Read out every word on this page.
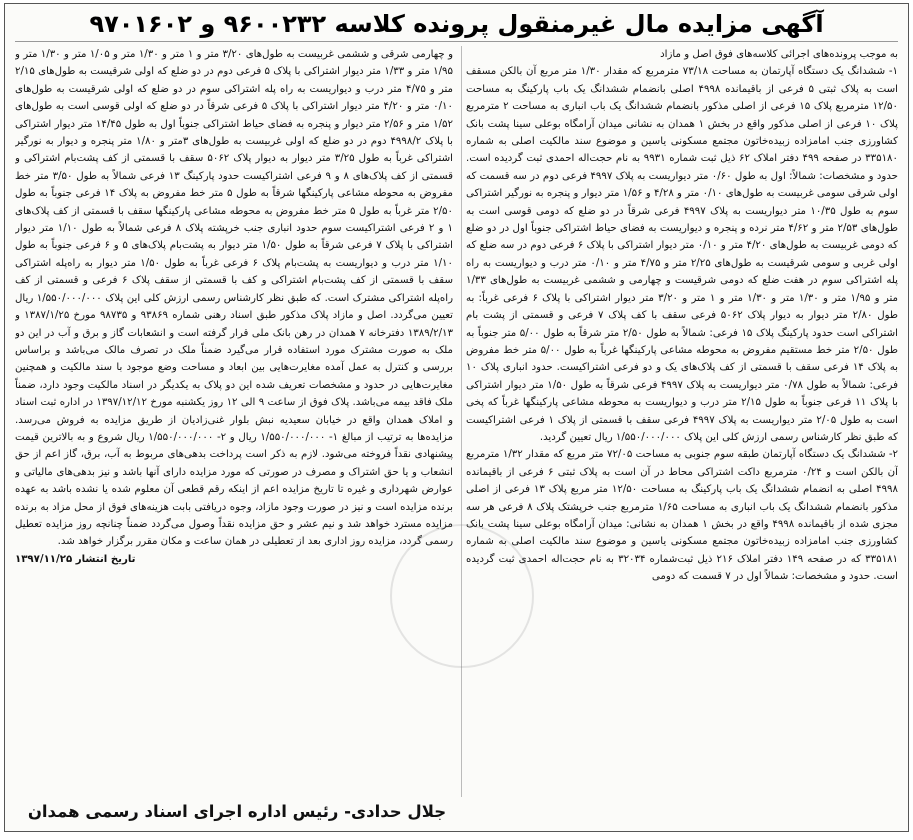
آگهی مزایده مال غیرمنقول پرونده کلاسه ۹۶۰۰۲۳۲ و ۹۷۰۱۶۰۲

به موجب پرونده‌های اجرائی کلاسه‌های فوق اصل و مازاد

۱- ششدانگ یک دستگاه آپارتمان به مساحت ۷۳/۱۸ مترمربع که مقدار ۱/۳۰ متر مربع آن بالکن مسقف است به پلاک ثبتی ۵ فرعی از باقیمانده ۴۹۹۸ اصلی بانضمام ششدانگ یک باب پارکینگ به مساحت ۱۲/۵۰ مترمربع پلاک ۱۵ فرعی از اصلی مذکور بانضمام ششدانگ یک باب انباری به مساحت ۲ مترمربع پلاک ۱۰ فرعی از اصلی مذکور واقع در بخش ۱ همدان به نشانی میدان آرامگاه بوعلی سینا پشت بانک کشاورزی جنب امامزاده زبیده‌خاتون مجتمع مسکونی یاسین و موضوع سند مالکیت اصلی به شماره ۳۳۵۱۸۰ در صفحه ۴۹۹ دفتر املاک ۶۲ ذیل ثبت شماره ۹۹۳۱ به نام حجت‌اله احمدی ثبت گردیده است. حدود و مشخصات: شمالاً: اول به طول ۰/۶۰ متر دیواریست به پلاک ۴۹۹۷ فرعی دوم در سه قسمت که اولی شرقی سومی غربیست به طول‌های ۰/۱۰ متر و ۴/۲۸ و ۱/۵۶ متر دیوار و پنجره به نورگیر اشتراکی سوم به طول ۱۰/۳۵ متر دیواریست به پلاک ۴۹۹۷ فرعی شرقاً در دو ضلع که دومی قوسی است به طول‌های ۲/۵۳ متر و ۴/۶۲ متر نرده و پنجره و دیواریست به فضای حیاط اشتراکی جنوباً اول در دو ضلع که دومی غربیست به طول‌های ۴/۲۰ متر و ۰/۱۰ متر دیوار اشتراکی با پلاک ۶ فرعی دوم در سه ضلع که اولی غربی و سومی شرقیست به طول‌های ۲/۲۵ متر و ۴/۷۵ متر و ۰/۱۰ متر درب و دیواریست به راه پله اشتراکی سوم در هفت ضلع که دومی شرقیست و چهارمی و ششمی غربیست به طول‌های ۱/۳۳ متر و ۱/۹۵ متر و ۱/۳۰ متر و ۱/۳۰ متر و ۱ متر و ۳/۲۰ متر دیوار اشتراکی با پلاک ۶ فرعی غرباً: به طول ۲/۸۰ متر دیوار به دیوار پلاک ۵۰۶۲ فرعی سقف با کف پلاک ۷ فرعی و قسمتی از پشت بام اشتراکی است حدود پارکینگ پلاک ۱۵ فرعی: شمالاً به طول ۲/۵۰ متر شرقاً به طول ۵/۰۰ متر جنوباً به طول ۲/۵۰ متر خط مستقیم مفروض به محوطه مشاعی پارکینگها غرباً به طول ۵/۰۰ متر خط مفروض به پلاک ۱۴ فرعی سقف با قسمتی از کف پلاک‌های یک و دو فرعی اشتراکیست. حدود انباری پلاک ۱۰ فرعی: شمالاً به طول ۰/۷۸ متر دیواریست به پلاک ۴۹۹۷ فرعی شرقاً به طول ۱/۵۰ متر دیوار اشتراکی با پلاک ۱۱ فرعی جنوباً به طول ۲/۱۵ متر درب و دیواریست به محوطه مشاعی پارکینگها غرباً که پخی است به طول ۲/۰۵ متر دیواریست به پلاک ۴۹۹۷ فرعی سقف با قسمتی از پلاک ۱ فرعی اشتراکیست که طبق نظر کارشناس رسمی ارزش کلی این پلاک ۱/۵۵۰/۰۰۰/۰۰۰ ریال تعیین گردید.

۲- ششدانگ یک دستگاه آپارتمان طبقه سوم جنوبی به مساحت ۷۲/۰۵ متر مربع که مقدار ۱/۳۲ مترمربع آن بالکن است و ۰/۲۴ مترمربع داکت اشتراکی محاط در آن است به پلاک ثبتی ۶ فرعی از باقیمانده ۴۹۹۸ اصلی به انضمام ششدانگ یک باب پارکینگ به مساحت ۱۲/۵۰ متر مربع پلاک ۱۳ فرعی از اصلی مذکور بانضمام ششدانگ یک باب انباری به مساحت ۱/۶۵ مترمربع جنب خرپشتک پلاک ۸ فرعی هر سه مجزی شده از باقیمانده ۴۹۹۸ واقع در بخش ۱ همدان به نشانی: میدان آرامگاه بوعلی سینا پشت بانک کشاورزی جنب امامزاده زبیده‌خاتون مجتمع مسکونی یاسین و موضوع سند مالکیت اصلی به شماره ۳۳۵۱۸۱ که در صفحه ۱۴۹ دفتر املاک ۲۱۶ ذیل ثبت‌شماره ۳۲۰۳۴ به نام حجت‌اله احمدی ثبت گردیده است. حدود و مشخصات: شمالاً اول در ۷ قسمت که دومی

و چهارمی شرقی و ششمی غربیست به طول‌های ۳/۲۰ متر و ۱ متر و ۱/۳۰ متر و ۱/۰۵ متر و ۱/۳۰ متر و ۱/۹۵ متر و ۱/۳۳ متر دیوار اشتراکی با پلاک ۵ فرعی دوم در دو ضلع که اولی شرقیست به طول‌های ۲/۱۵ متر و ۴/۷۵ متر درب و دیواریست به راه پله اشتراکی سوم در دو ضلع که اولی شرقیست به طول‌های ۰/۱۰ متر و ۴/۲۰ متر دیوار اشتراکی با پلاک ۵ فرعی شرقاً در دو ضلع که اولی قوسی است به طول‌های ۱/۵۲ متر و ۲/۵۶ متر دیوار و پنجره به فضای حیاط اشتراکی جنوباً اول به طول ۱۴/۴۵ متر دیوار اشتراکی با پلاک ۴۹۹۸/۲ دوم در دو ضلع که اولی غربیست به طول‌های ۳متر و ۱/۸۰ متر پنجره و دیوار به نورگیر اشتراکی غرباً به طول ۳/۲۵ متر دیوار به دیوار پلاک ۵۰۶۲ سقف با قسمتی از کف پشت‌بام اشتراکی و قسمتی از کف پلاک‌های ۸ و ۹ فرعی اشتراکیست حدود پارکینگ ۱۳ فرعی شمالاً به طول ۳/۵۰ متر خط مفروض به محوطه مشاعی پارکینگها شرقاً به طول ۵ متر خط مفروض به پلاک ۱۴ فرعی جنوباً به طول ۲/۵۰ متر غرباً به طول ۵ متر خط مفروض به محوطه مشاعی پارکینگها سقف با قسمتی از کف پلاک‌های ۱ و ۲ فرعی اشتراکیست سوم حدود انباری جنب خرپشته پلاک ۸ فرعی شمالاً به طول ۱/۱۰ متر دیوار اشتراکی با پلاک ۷ فرعی شرقاً به طول ۱/۵۰ متر دیوار به پشت‌بام پلاک‌های ۵ و ۶ فرعی جنوباً به طول ۱/۱۰ متر درب و دیواریست به پشت‌بام پلاک ۶ فرعی غرباً به طول ۱/۵۰ متر دیوار به راه‌پله اشتراکی سقف با قسمتی از کف پشت‌بام اشتراکی و کف با قسمتی از سقف پلاک ۶ فرعی و قسمتی از کف راه‌پله اشتراکی مشترک است. که طبق نظر کارشناس رسمی ارزش کلی این پلاک ۱/۵۵۰/۰۰۰/۰۰۰ ریال تعیین می‌گردد. اصل و مازاد پلاک مذکور طبق اسناد رهنی شماره ۹۳۸۶۹ و ۹۸۷۳۵ مورخ ۱۳۸۷/۱/۲۵ و ۱۳۸۹/۲/۱۳ دفترخانه ۷ همدان در رهن بانک ملی قرار گرفته است و انشعابات گاز و برق و آب در این دو ملک به صورت مشترک مورد استفاده قرار می‌گیرد ضمناً ملک در تصرف مالک می‌باشد و براساس بررسی و کنترل به عمل آمده مغایرت‌هایی بین ابعاد و مساحت وضع موجود با سند مالکیت و همچنین مغایرت‌هایی در حدود و مشخصات تعریف شده این دو پلاک به یکدیگر در اسناد مالکیت وجود دارد، ضمناً ملک فاقد بیمه می‌باشد. پلاک فوق از ساعت ۹ الی ۱۲ روز یکشنبه مورخ ۱۳۹۷/۱۲/۱۲ در اداره ثبت اسناد و املاک همدان واقع در خیابان سعیدیه نبش بلوار غنی‌زادیان از طریق مزایده به فروش می‌رسد. مزایده‌ها به ترتیب از مبالغ ۱- ۱/۵۵۰/۰۰۰/۰۰۰ ریال و ۲- ۱/۵۵۰/۰۰۰/۰۰۰ ریال شروع و به بالاترین قیمت پیشنهادی نقداً فروخته می‌شود. لازم به ذکر است پرداخت بدهی‌های مربوط به آب، برق، گاز اعم از حق انشعاب و یا حق اشتراک و مصرف در صورتی که مورد مزایده دارای آنها باشد و نیز بدهی‌های مالیاتی و عوارض شهرداری و غیره تا تاریخ مزایده اعم از اینکه رقم قطعی آن معلوم شده یا نشده باشد به عهده برنده مزایده است و نیز در صورت وجود مازاد، وجوه دریافتی بابت هزینه‌های فوق از محل مزاد به برنده مزایده مسترد خواهد شد و نیم عشر و حق مزایده نقداً وصول می‌گردد ضمناً چنانچه روز مزایده تعطیل رسمی گردد، مزایده روز اداری بعد از تعطیلی در همان ساعت و مکان مقرر برگزار خواهد شد.

تاریخ انتشار ۱۳۹۷/۱۱/۲۵

جلال حدادی- رئیس اداره اجرای اسناد رسمی همدان
